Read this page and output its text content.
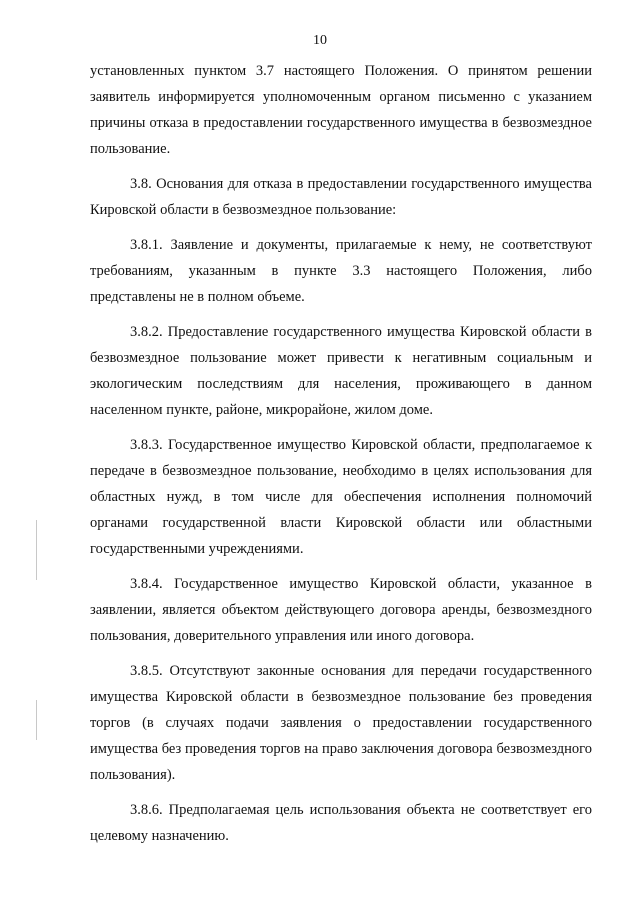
10

установленных пунктом 3.7 настоящего Положения. О принятом решении заявитель информируется уполномоченным органом письменно с указанием причины отказа в предоставлении государственного имущества в безвозмездное пользование.

3.8. Основания для отказа в предоставлении государственного имущества Кировской области в безвозмездное пользование:

3.8.1. Заявление и документы, прилагаемые к нему, не соответствуют требованиям, указанным в пункте 3.3 настоящего Положения, либо представлены не в полном объеме.

3.8.2. Предоставление государственного имущества Кировской области в безвозмездное пользование может привести к негативным социальным и экологическим последствиям для населения, проживающего в данном населенном пункте, районе, микрорайоне, жилом доме.

3.8.3. Государственное имущество Кировской области, предполагаемое к передаче в безвозмездное пользование, необходимо в целях использования для областных нужд, в том числе для обеспечения исполнения полномочий органами государственной власти Кировской области или областными государственными учреждениями.

3.8.4. Государственное имущество Кировской области, указанное в заявлении, является объектом действующего договора аренды, безвозмездного пользования, доверительного управления или иного договора.

3.8.5. Отсутствуют законные основания для передачи государственного имущества Кировской области в безвозмездное пользование без проведения торгов (в случаях подачи заявления о предоставлении государственного имущества без проведения торгов на право заключения договора безвозмездного пользования).

3.8.6. Предполагаемая цель использования объекта не соответствует его целевому назначению.
